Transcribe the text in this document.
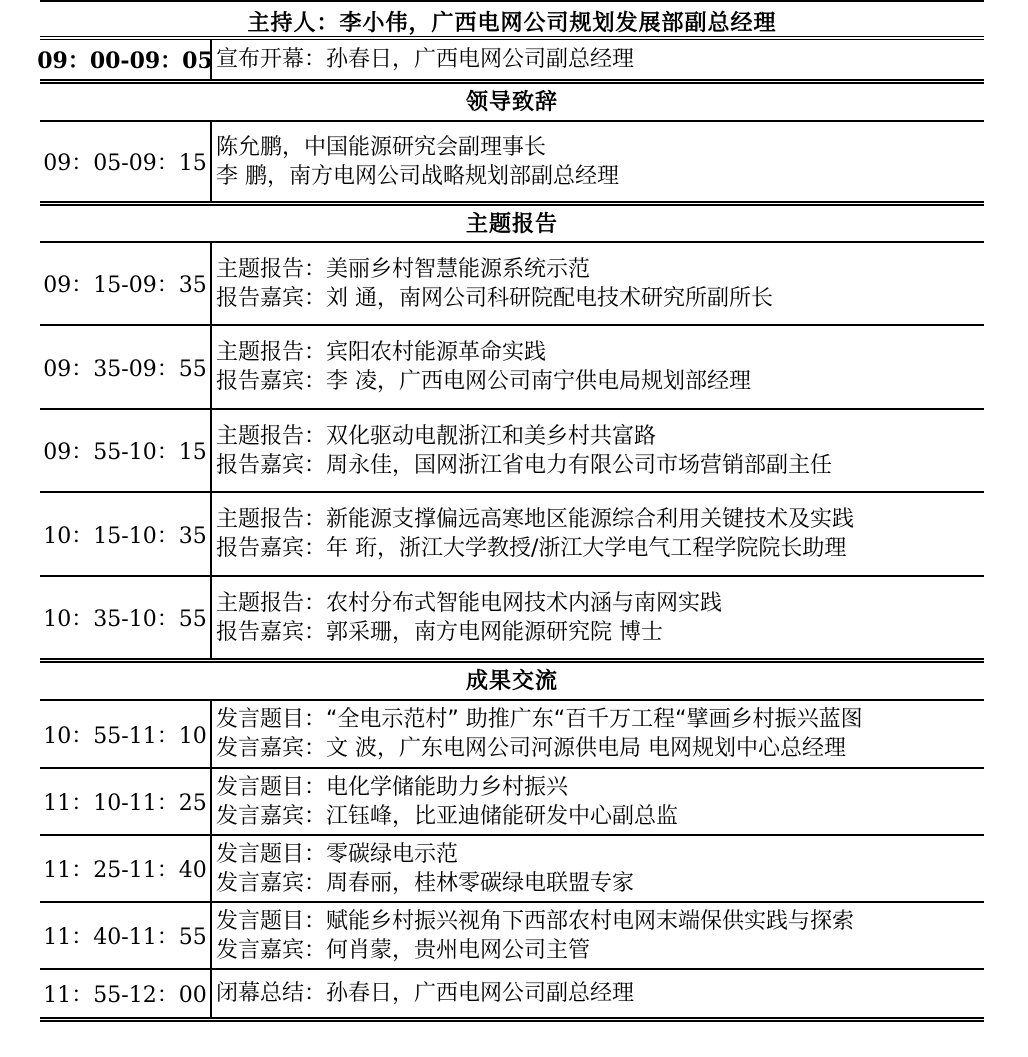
主持人：李小伟，广西电网公司规划发展部副总经理
09：00-09：05 宣布开幕：孙春日，广西电网公司副总经理
领导致辞
09：05-09：15
陈允鹏，中国能源研究会副理事长
李 鹏，南方电网公司战略规划部副总经理
主题报告
09：15-09：35
主题报告：美丽乡村智慧能源系统示范
报告嘉宾：刘 通，南网公司科研院配电技术研究所副所长
09：35-09：55
主题报告：宾阳农村能源革命实践
报告嘉宾：李 凌，广西电网公司南宁供电局规划部经理
09：55-10：15
主题报告：双化驱动电靓浙江和美乡村共富路
报告嘉宾：周永佳，国网浙江省电力有限公司市场营销部副主任
10：15-10：35
主题报告：新能源支撑偏远高寒地区能源综合利用关键技术及实践
报告嘉宾：年 珩，浙江大学教授/浙江大学电气工程学院院长助理
10：35-10：55
主题报告：农村分布式智能电网技术内涵与南网实践
报告嘉宾：郭采珊，南方电网能源研究院 博士
成果交流
10：55-11：10
发言题目：“全电示范村” 助推广东“百千万工程“擘画乡村振兴蓝图
发言嘉宾：文 波，广东电网公司河源供电局 电网规划中心总经理
11：10-11：25
发言题目：电化学储能助力乡村振兴
发言嘉宾：江钰峰，比亚迪储能研发中心副总监
11：25-11：40
发言题目：零碳绿电示范
发言嘉宾：周春丽，桂林零碳绿电联盟专家
11：40-11：55
发言题目：赋能乡村振兴视角下西部农村电网末端保供实践与探索
发言嘉宾：何肖蒙，贵州电网公司主管
11：55-12：00 闭幕总结：孙春日，广西电网公司副总经理
